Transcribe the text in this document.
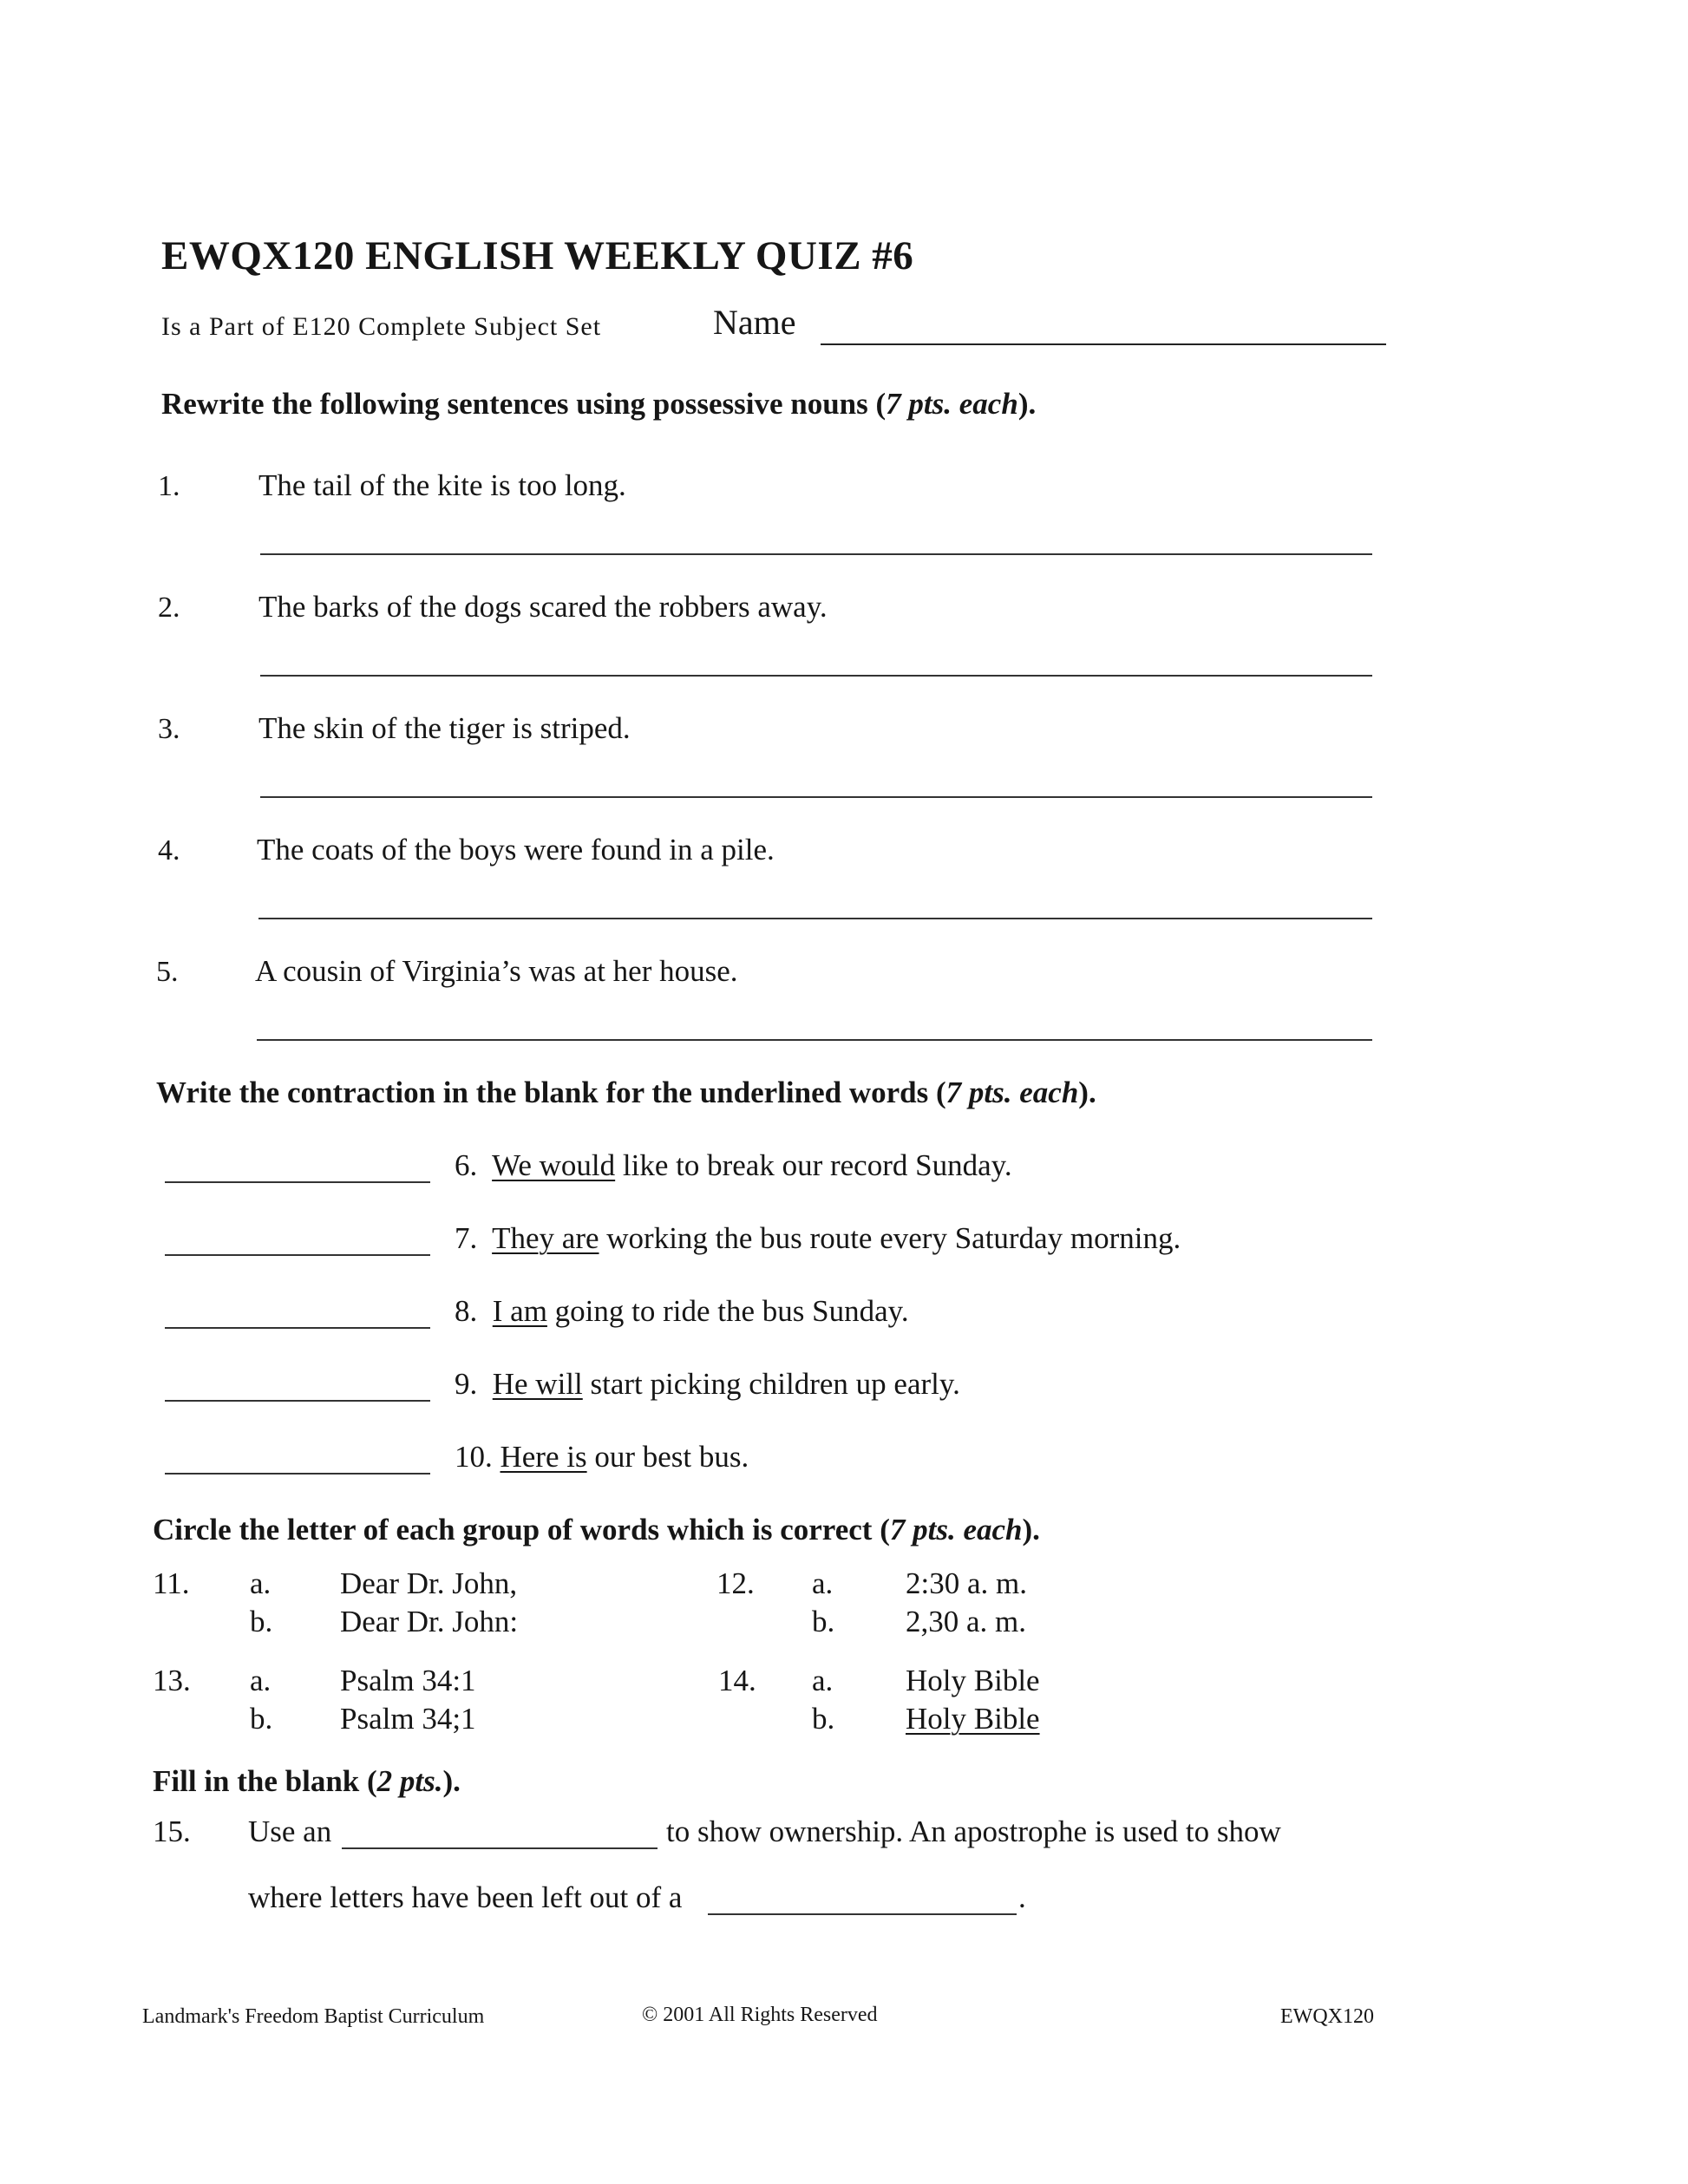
EWQX120 ENGLISH WEEKLY QUIZ #6
Is a Part of E120 Complete Subject Set	Name
Rewrite the following sentences using possessive nouns (7 pts. each).
1.	The tail of the kite is too long.
2.	The barks of the dogs scared the robbers away.
3.	The skin of the tiger is striped.
4.	The coats of the boys were found in a pile.
5.	A cousin of Virginia’s was at her house.
Write the contraction in the blank for the underlined words (7 pts. each).
6. We would like to break our record Sunday.
7. They are working the bus route every Saturday morning.
8. I am going to ride the bus Sunday.
9. He will start picking children up early.
10. Here is our best bus.
Circle the letter of each group of words which is correct (7 pts. each).
11. a. Dear Dr. John,
b. Dear Dr. John:
12. a. 2:30 a. m.
b. 2,30 a. m.
13. a. Psalm 34:1
b. Psalm 34;1
14. a. Holy Bible
b. Holy Bible
Fill in the blank (2 pts.).
15. Use an	to show ownership. An apostrophe is used to show
where letters have been left out of a	.
Landmark's Freedom Baptist Curriculum	© 2001 All Rights Reserved	EWQX120
